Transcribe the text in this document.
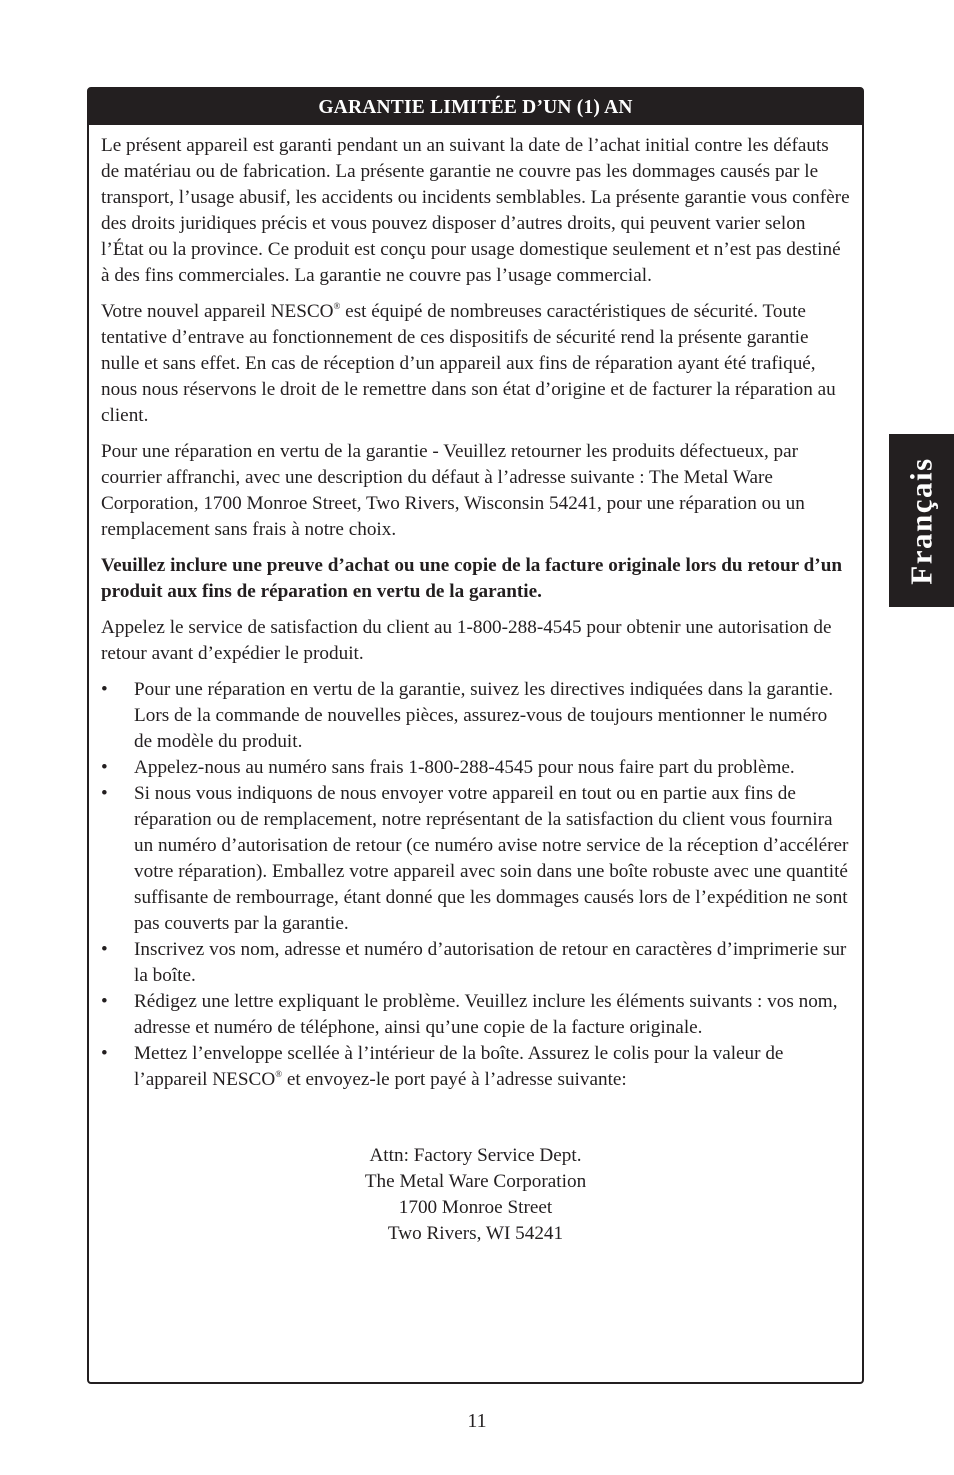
GARANTIE LIMITÉE D’UN (1) AN

Le présent appareil est garanti pendant un an suivant la date de l’achat initial contre les défauts de matériau ou de fabrication. La présente garantie ne couvre pas les dommages causés par le transport, l’usage abusif, les accidents ou incidents semblables. La présente garantie vous confère des droits juridiques précis et vous pouvez disposer d’autres droits, qui peuvent varier selon l’État ou la province. Ce produit est conçu pour usage domestique seulement et n’est pas destiné à des fins commerciales. La garantie ne couvre pas l’usage commercial.

Votre nouvel appareil NESCO® est équipé de nombreuses caractéristiques de sécurité. Toute tentative d’entrave au fonctionnement de ces dispositifs de sécurité rend la présente garantie nulle et sans effet. En cas de réception d’un appareil aux fins de réparation ayant été trafiqué, nous nous réservons le droit de le remettre dans son état d’origine et de facturer la réparation au client.

Pour une réparation en vertu de la garantie - Veuillez retourner les produits défectueux, par courrier affranchi, avec une description du défaut à l’adresse suivante : The Metal Ware Corporation, 1700 Monroe Street, Two Rivers, Wisconsin 54241, pour une réparation ou un remplacement sans frais à notre choix.

Veuillez inclure une preuve d’achat ou une copie de la facture originale lors du retour d’un produit aux fins de réparation en vertu de la garantie.

Appelez le service de satisfaction du client au 1-800-288-4545 pour obtenir une autorisation de retour avant d’expédier le produit.

• Pour une réparation en vertu de la garantie, suivez les directives indiquées dans la garantie. Lors de la commande de nouvelles pièces, assurez-vous de toujours mentionner le numéro de modèle du produit.
• Appelez-nous au numéro sans frais 1-800-288-4545 pour nous faire part du problème.
• Si nous vous indiquons de nous envoyer votre appareil en tout ou en partie aux fins de réparation ou de remplacement, notre représentant de la satisfaction du client vous fournira un numéro d’autorisation de retour (ce numéro avise notre service de la réception d’accélérer votre réparation). Emballez votre appareil avec soin dans une boîte robuste avec une quantité suffisante de rembourrage, étant donné que les dommages causés lors de l’expédition ne sont pas couverts par la garantie.
• Inscrivez vos nom, adresse et numéro d’autorisation de retour en caractères d’imprimerie sur la boîte.
• Rédigez une lettre expliquant le problème. Veuillez inclure les éléments suivants : vos nom, adresse et numéro de téléphone, ainsi qu’une copie de la facture originale.
• Mettez l’enveloppe scellée à l’intérieur de la boîte. Assurez le colis pour la valeur de l’appareil NESCO® et envoyez-le port payé à l’adresse suivante:
Attn: Factory Service Dept.
The Metal Ware Corporation
1700 Monroe Street
Two Rivers, WI 54241
Français
11
